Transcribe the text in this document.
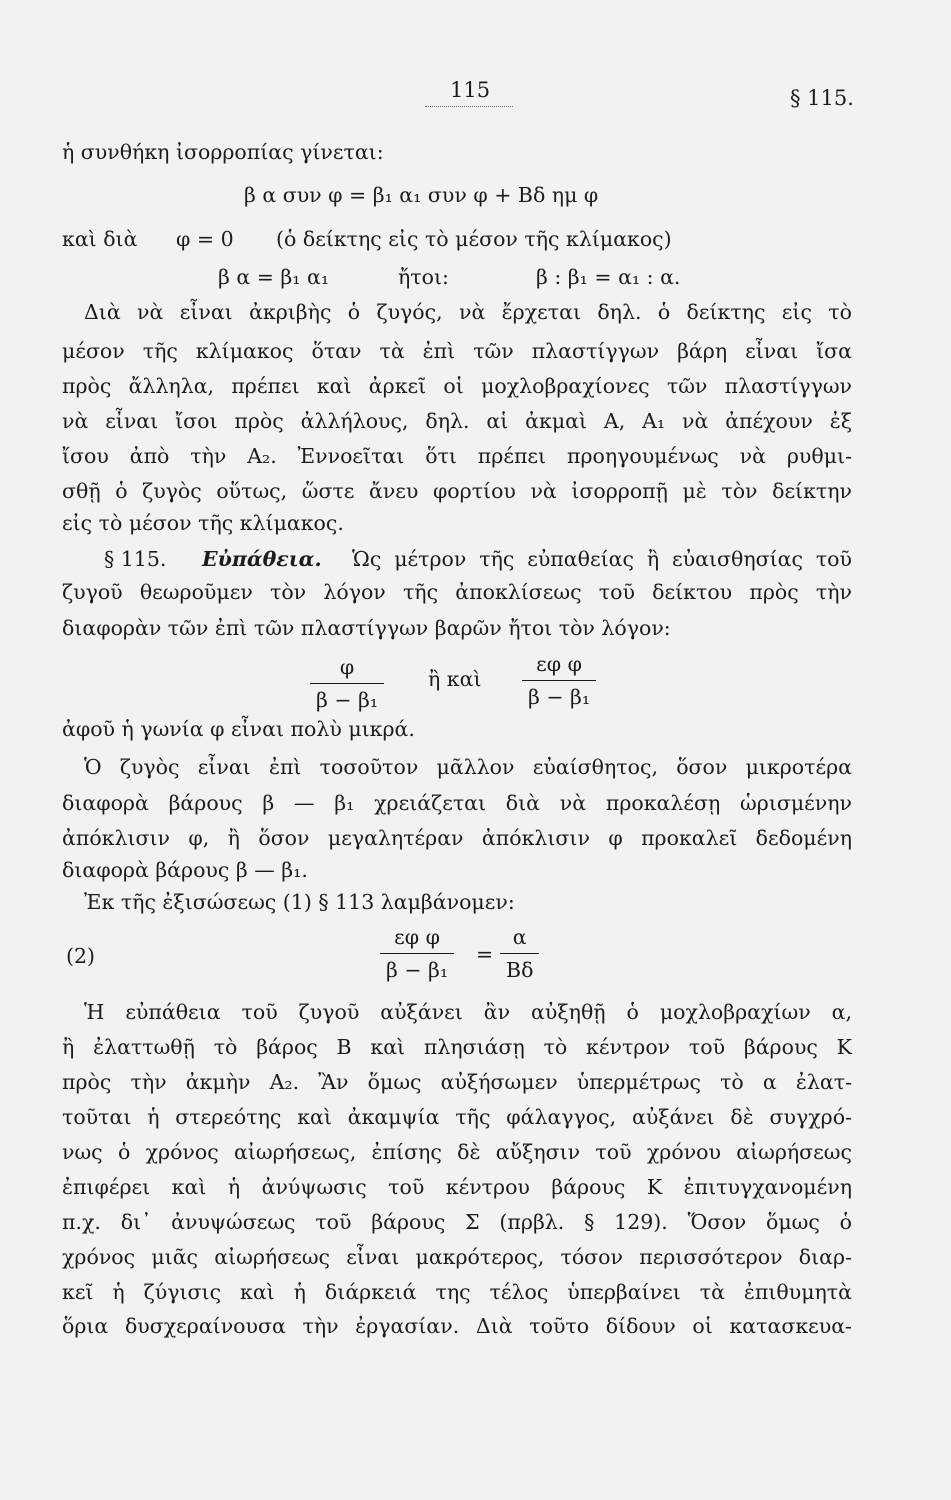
115	§ 115.
ἡ συνθήκη ἰσορροπίας γίνεται:
β α συν φ = β₁ α₁ συν φ + Βδ ημ φ
καὶ διὰ φ = 0 (ὁ δείκτης εἰς τὸ μέσον τῆς κλίμακος)
β α = β₁ α₁	ἤτοι:	β : β₁ = α₁ : α.
Διὰ νὰ εἶναι ἀκριβὴς ὁ ζυγός, νὰ ἔρχεται δηλ. ὁ δείκτης εἰς τὸ
μέσον τῆς κλίμακος ὅταν τὰ ἐπὶ τῶν πλαστίγγων βάρη εἶναι ἴσα
πρὸς ἄλληλα, πρέπει καὶ ἀρκεῖ οἱ μοχλοβραχίονες τῶν πλαστίγγων
νὰ εἶναι ἴσοι πρὸς ἀλλήλους, δηλ. αἱ ἀκμαὶ Α, Α₁ νὰ ἀπέχουν ἐξ
ἴσου ἀπὸ τὴν Α₂. Ἐννοεῖται ὅτι πρέπει προηγουμένως νὰ ρυθμι-
σθῇ ὁ ζυγὸς οὕτως, ὥστε ἄνευ φορτίου νὰ ἰσορροπῇ μὲ τὸν δείκτην
εἰς τὸ μέσον τῆς κλίμακος.
§ 115. Εὐπάθεια. Ὡς μέτρον τῆς εὐπαθείας ἢ εὐαισθησίας τοῦ
ζυγοῦ θεωροῦμεν τὸν λόγον τῆς ἀποκλίσεως τοῦ δείκτου πρὸς τὴν
διαφορὰν τῶν ἐπὶ τῶν πλαστίγγων βαρῶν ἤτοι τὸν λόγον:
$\frac{\varphi}{\text{β − β₁}}$ ἢ καὶ $\frac{\text{εφ φ}}{\text{β − β₁}}$
ἀφοῦ ἡ γωνία φ εἶναι πολὺ μικρά.
Ὁ ζυγὸς εἶναι ἐπὶ τοσοῦτον μᾶλλον εὐαίσθητος, ὅσον μικροτέρα
διαφορὰ βάρους β — β₁ χρειάζεται διὰ νὰ προκαλέσῃ ὡρισμένην
ἀπόκλισιν φ, ἢ ὅσον μεγαλητέραν ἀπόκλισιν φ προκαλεῖ δεδομένη
διαφορὰ βάρους β — β₁.
Ἐκ τῆς ἐξισώσεως (1) § 113 λαμβάνομεν:
(2)	$\frac{\text{εφ φ}}{\text{β − β₁}} = \frac{\alpha}{B\delta}$
Ἡ εὐπάθεια τοῦ ζυγοῦ αὐξάνει ἂν αὐξηθῇ ὁ μοχλοβραχίων α,
ἢ ἐλαττωθῇ τὸ βάρος Β καὶ πλησιάσῃ τὸ κέντρον τοῦ βάρους Κ
πρὸς τὴν ἀκμὴν Α₂. Ἂν ὅμως αὐξήσωμεν ὑπερμέτρως τὸ α ἐλατ-
τοῦται ἡ στερεότης καὶ ἀκαμψία τῆς φάλαγγος, αὐξάνει δὲ συγχρό-
νως ὁ χρόνος αἰωρήσεως, ἐπίσης δὲ αὔξησιν τοῦ χρόνου αἰωρήσεως
ἐπιφέρει καὶ ἡ ἀνύψωσις τοῦ κέντρου βάρους Κ ἐπιτυγχανομένη
π.χ. δι᾽ ἀνυψώσεως τοῦ βάρους Σ (πρβλ. § 129). Ὅσον ὅμως ὁ
χρόνος μιᾶς αἰωρήσεως εἶναι μακρότερος, τόσον περισσότερον διαρ-
κεῖ ἡ ζύγισις καὶ ἡ διάρκειά της τέλος ὑπερβαίνει τὰ ἐπιθυμητὰ
ὅρια δυσχεραίνουσα τὴν ἐργασίαν. Διὰ τοῦτο δίδουν οἱ κατασκευα-
